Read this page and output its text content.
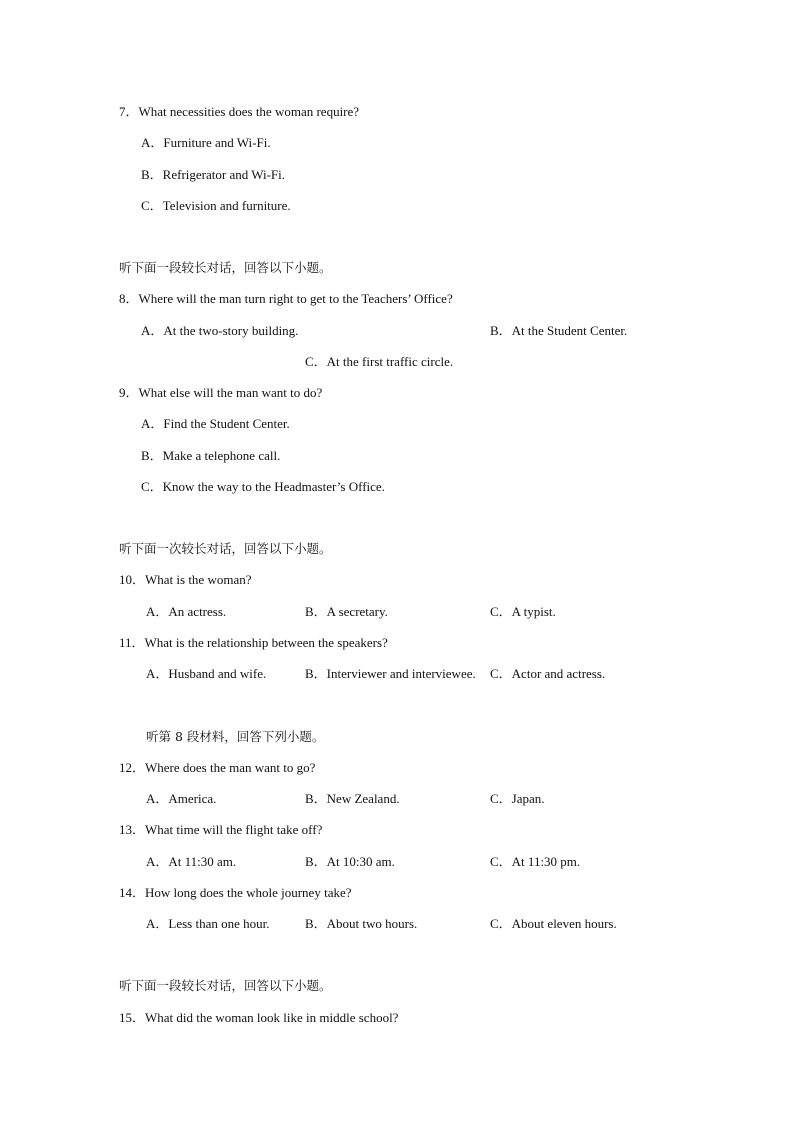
7．What necessities does the woman require?
A．Furniture and Wi-Fi.
B．Refrigerator and Wi-Fi.
C．Television and furniture.
听下面一段较长对话，回答以下小题。
8．Where will the man turn right to get to the Teachers’ Office?
A．At the two-story building.	B．At the Student Center.
C．At the first traffic circle.
9．What else will the man want to do?
A．Find the Student Center.
B．Make a telephone call.
C．Know the way to the Headmaster’s Office.
听下面一次较长对话，回答以下小题。
10．What is the woman?
A．An actress.	B．A secretary.	C．A typist.
11．What is the relationship between the speakers?
A．Husband and wife.	B．Interviewer and interviewee. C．Actor and actress.
听第 8 段材料，回答下列小题。
12．Where does the man want to go?
A．America.	B．New Zealand.	C．Japan.
13．What time will the flight take off?
A．At 11:30 am.	B．At 10:30 am.	C．At 11:30 pm.
14．How long does the whole journey take?
A．Less than one hour.	B．About two hours.	C．About eleven hours.
听下面一段较长对话，回答以下小题。
15．What did the woman look like in middle school?
